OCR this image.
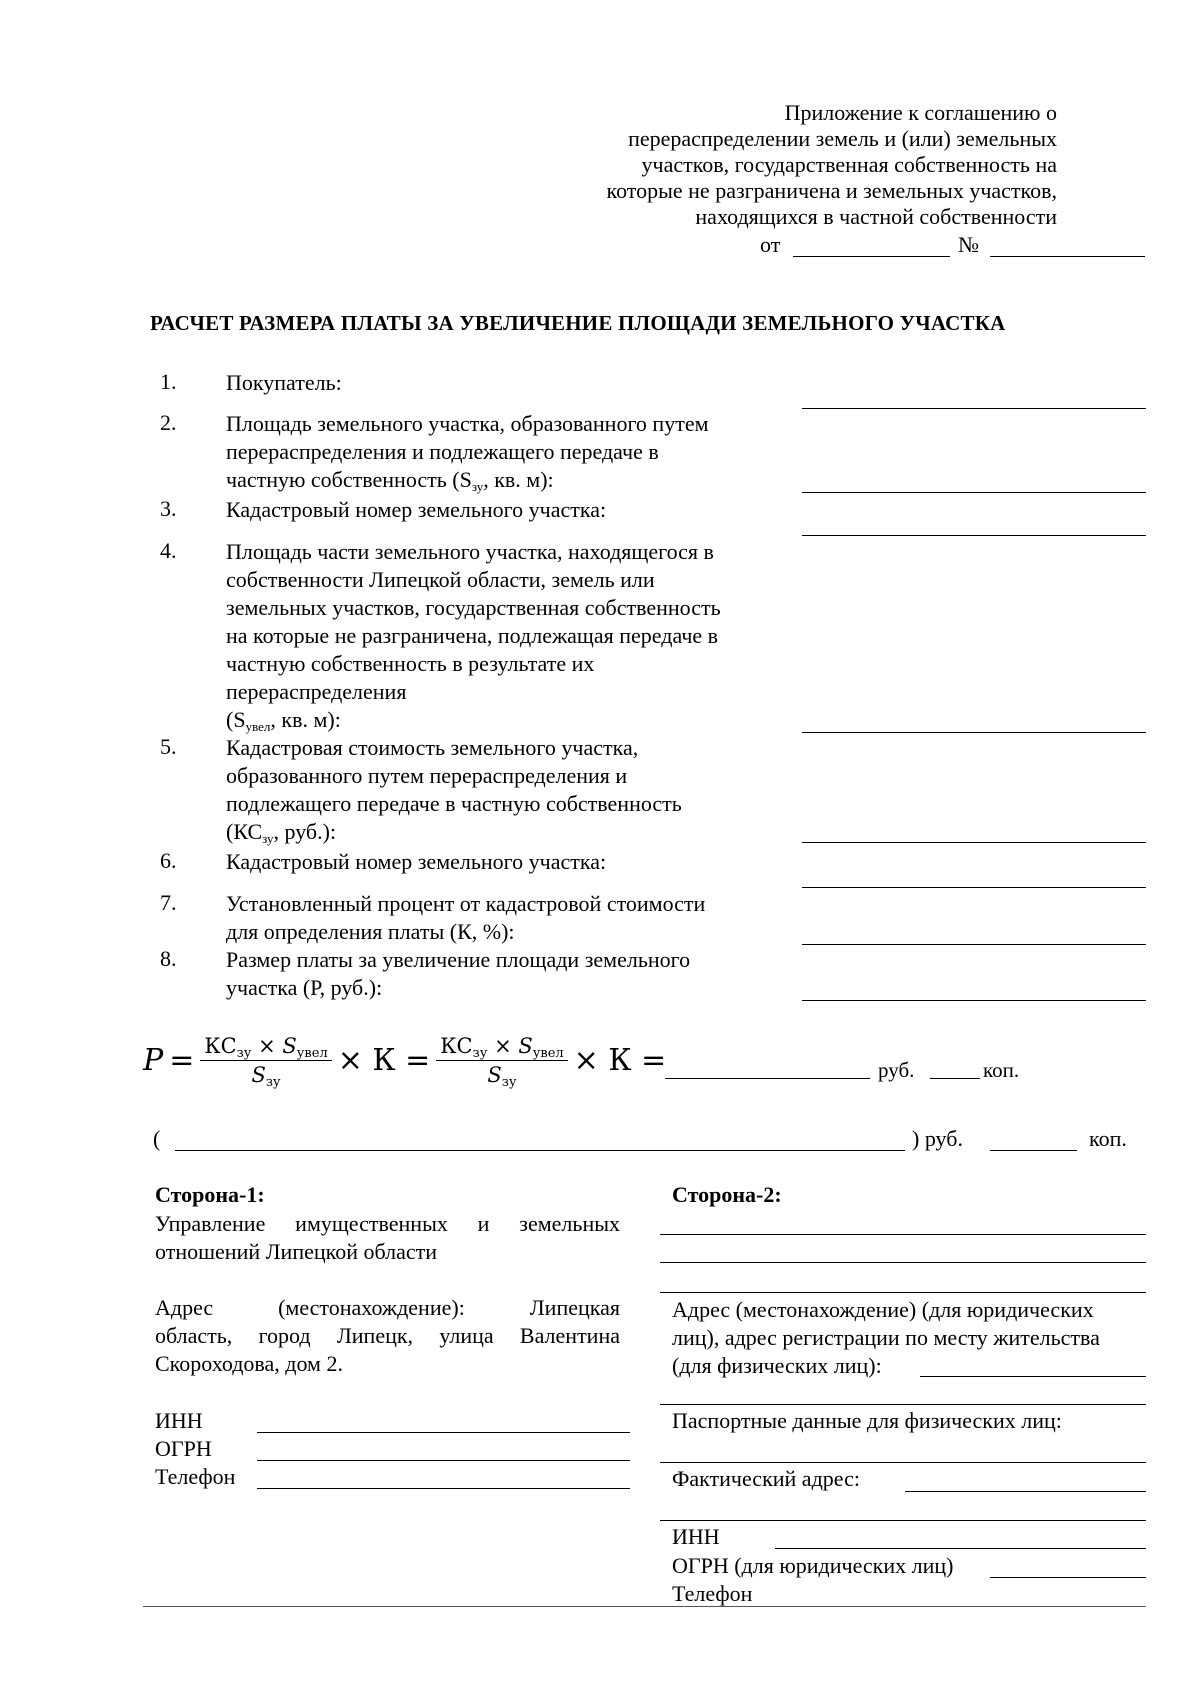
Приложение к соглашению о
перераспределении земель и (или) земельных
участков, государственная собственность на
которые не разграничена и земельных участков,
находящихся в частной собственности
от	№
РАСЧЕТ РАЗМЕРА ПЛАТЫ ЗА УВЕЛИЧЕНИЕ ПЛОЩАДИ ЗЕМЕЛЬНОГО УЧАСТКА
1.	Покупатель:
2.	Площадь земельного участка, образованного путем
перераспределения и подлежащего передаче в
частную собственность ($S_{зу}$, кв. м):
3.	Кадастровый номер земельного участка:
4.	Площадь части земельного участка, находящегося в
собственности Липецкой области, земель или
земельных участков, государственная собственность
на которые не разграничена, подлежащая передаче в
частную собственность в результате их
перераспределения
($S_{увел}$, кв. м):
5.	Кадастровая стоимость земельного участка,
образованного путем перераспределения и
подлежащего передаче в частную собственность
($КС_{зу}$, руб.):
6.	Кадастровый номер земельного участка:
7.	Установленный процент от кадастровой стоимости
для определения платы (К, %):
8.	Размер платы за увеличение площади земельного
участка (Р, руб.):
$P = \frac{КС_{зу} \times S_{увел}}{S_{зу}} \times К = \frac{КС_{зу} \times S_{увел}}{S_{зу}} \times К$ =	руб.	коп.
(	) руб.	коп.
Сторона-1:
Управление имущественных и земельных
отношений Липецкой области
Адрес (местонахождение): Липецкая
область, город Липецк, улица Валентина
Скороходова, дом 2.
ИНН
ОГРН
Телефон
Сторона-2:
Адрес (местонахождение) (для юридических
лиц), адрес регистрации по месту жительства
(для физических лиц):
Паспортные данные для физических лиц:
Фактический адрес:
ИНН
ОГРН (для юридических лиц)
Телефон
